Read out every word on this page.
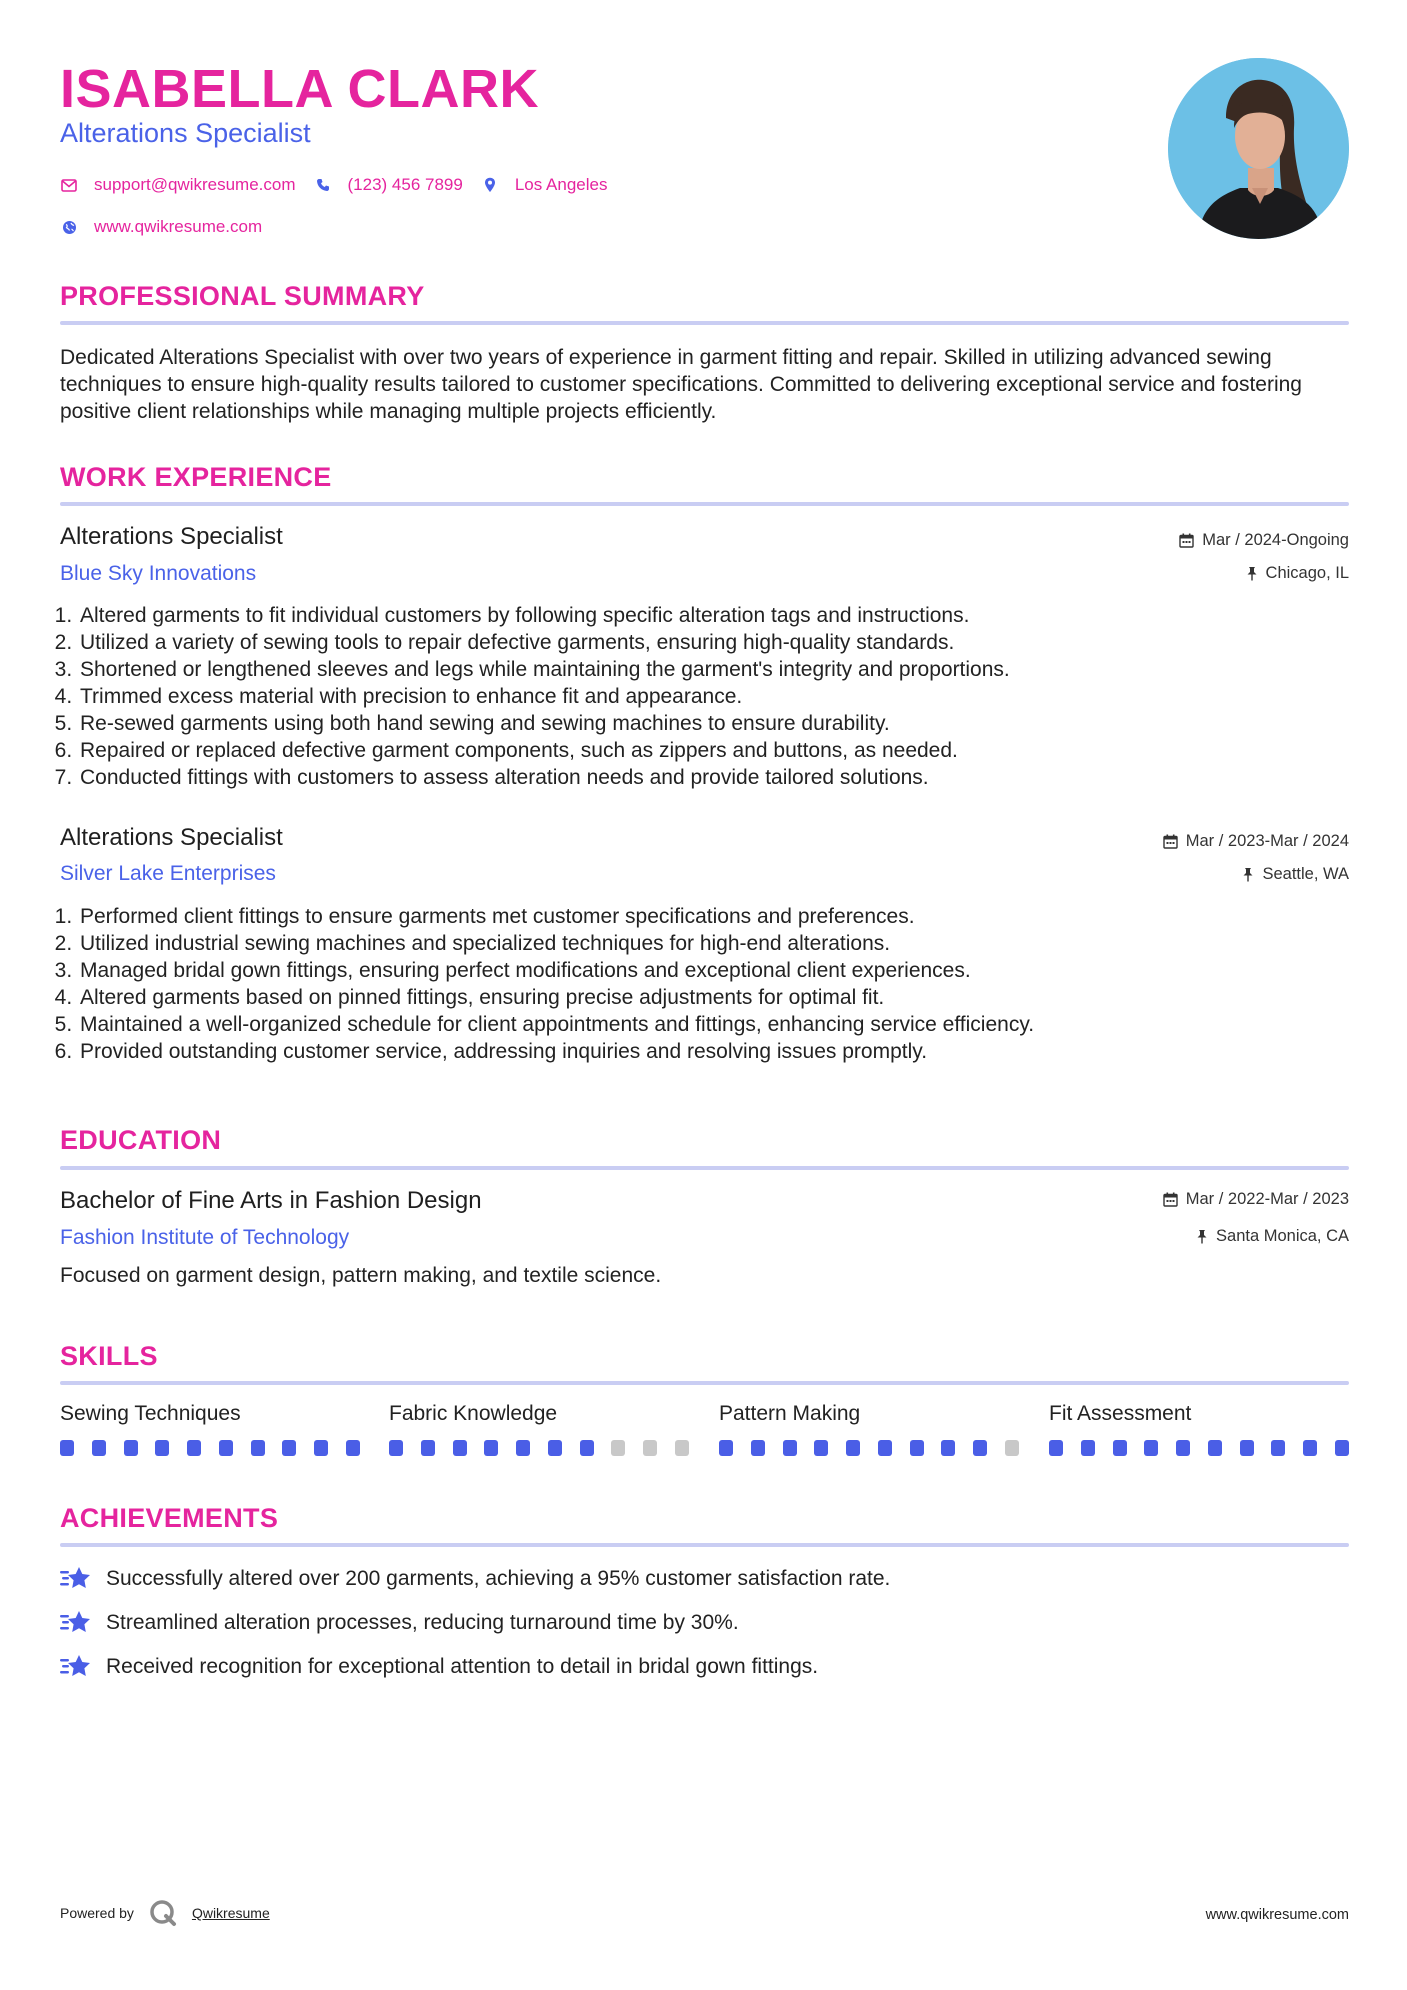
ISABELLA CLARK
Alterations Specialist
support@qwikresume.com	(123) 456 7899	Los Angeles
www.qwikresume.com
PROFESSIONAL SUMMARY
Dedicated Alterations Specialist with over two years of experience in garment fitting and repair. Skilled in utilizing advanced sewing techniques to ensure high-quality results tailored to customer specifications. Committed to delivering exceptional service and fostering positive client relationships while managing multiple projects efficiently.
WORK EXPERIENCE
Alterations Specialist
Blue Sky Innovations
Mar / 2024-Ongoing
Chicago, IL
1. Altered garments to fit individual customers by following specific alteration tags and instructions.
2. Utilized a variety of sewing tools to repair defective garments, ensuring high-quality standards.
3. Shortened or lengthened sleeves and legs while maintaining the garment's integrity and proportions.
4. Trimmed excess material with precision to enhance fit and appearance.
5. Re-sewed garments using both hand sewing and sewing machines to ensure durability.
6. Repaired or replaced defective garment components, such as zippers and buttons, as needed.
7. Conducted fittings with customers to assess alteration needs and provide tailored solutions.
Alterations Specialist
Silver Lake Enterprises
Mar / 2023-Mar / 2024
Seattle, WA
1. Performed client fittings to ensure garments met customer specifications and preferences.
2. Utilized industrial sewing machines and specialized techniques for high-end alterations.
3. Managed bridal gown fittings, ensuring perfect modifications and exceptional client experiences.
4. Altered garments based on pinned fittings, ensuring precise adjustments for optimal fit.
5. Maintained a well-organized schedule for client appointments and fittings, enhancing service efficiency.
6. Provided outstanding customer service, addressing inquiries and resolving issues promptly.
EDUCATION
Bachelor of Fine Arts in Fashion Design
Fashion Institute of Technology
Mar / 2022-Mar / 2023
Santa Monica, CA
Focused on garment design, pattern making, and textile science.
SKILLS
Sewing Techniques	Fabric Knowledge	Pattern Making	Fit Assessment
ACHIEVEMENTS
Successfully altered over 200 garments, achieving a 95% customer satisfaction rate.
Streamlined alteration processes, reducing turnaround time by 30%.
Received recognition for exceptional attention to detail in bridal gown fittings.
Powered by	Qwikresume	www.qwikresume.com
